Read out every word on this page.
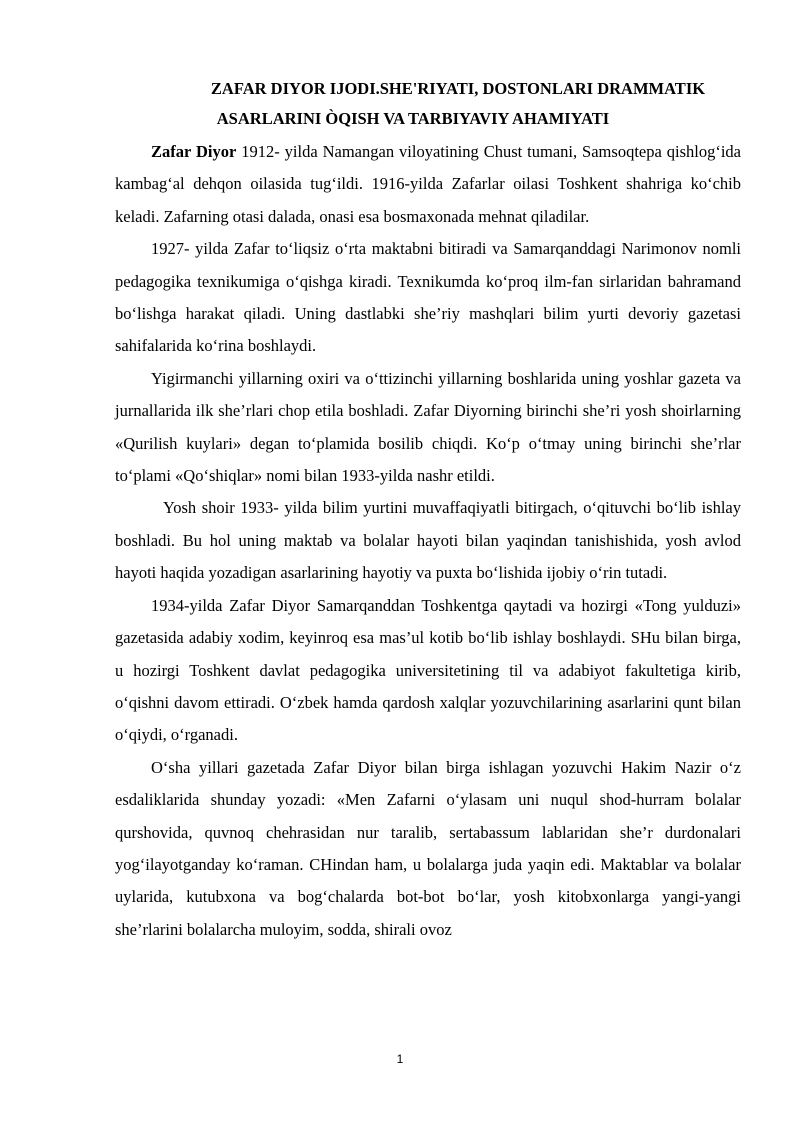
ZAFAR DIYOR IJODI.SHE'RIYATI, DOSTONLARI DRAMMATIK
ASARLARINI ÒQISH VA TARBIYAVIY AHAMIYATI

Zafar Diyor 1912- yilda Namangan viloyatining Chust tumani, Samsoqtepa qishlog‘ida kambag‘al dehqon oilasida tug‘ildi. 1916-yilda Zafarlar oilasi Toshkent shahriga ko‘chib keladi. Zafarning otasi dalada, onasi esa bosmaxonada mehnat qiladilar.

1927- yilda Zafar to‘liqsiz o‘rta maktabni bitiradi va Samarqanddagi Narimonov nomli pedagogika texnikumiga o‘qishga kiradi. Texnikumda ko‘proq ilm-fan sirlaridan bahramand bo‘lishga harakat qiladi. Uning dastlabki she’riy mashqlari bilim yurti devoriy gazetasi sahifalarida ko‘rina boshlaydi.

Yigirmanchi yillarning oxiri va o‘ttizinchi yillarning boshlarida uning yoshlar gazeta va jurnallarida ilk she’rlari chop etila boshladi. Zafar Diyorning birinchi she’ri yosh shoirlarning «Qurilish kuylari» degan to‘plamida bosilib chiqdi. Ko‘p o‘tmay uning birinchi she’rlar to‘plami «Qo‘shiqlar» nomi bilan 1933-yilda nashr etildi.

Yosh shoir 1933- yilda bilim yurtini muvaffaqiyatli bitirgach, o‘qituvchi bo‘lib ishlay boshladi. Bu hol uning maktab va bolalar hayoti bilan yaqindan tanishishida, yosh avlod hayoti haqida yozadigan asarlarining hayotiy va puxta bo‘lishida ijobiy o‘rin tutadi.

1934-yilda Zafar Diyor Samarqanddan Toshkentga qaytadi va hozirgi «Tong yulduzi» gazetasida adabiy xodim, keyinroq esa mas’ul kotib bo‘lib ishlay boshlaydi. SHu bilan birga, u hozirgi Toshkent davlat pedagogika universitetining til va adabiyot fakultetiga kirib, o‘qishni davom ettiradi. O‘zbek hamda qardosh xalqlar yozuvchilarining asarlarini qunt bilan o‘qiydi, o‘rganadi.

O‘sha yillari gazetada Zafar Diyor bilan birga ishlagan yozuvchi Hakim Nazir o‘z esdaliklarida shunday yozadi: «Men Zafarni o‘ylasam uni nuqul shod-hurram bolalar qurshovida, quvnoq chehrasidan nur taralib, sertabassum lablaridan she’r durdonalari yog‘ilayotganday ko‘raman. CHindan ham, u bolalarga juda yaqin edi. Maktablar va bolalar uylarida, kutubxona va bog‘chalarda bot-bot bo‘lar, yosh kitobxonlarga yangi-yangi she’rlarini bolalarcha muloyim, sodda, shirali ovoz

1
